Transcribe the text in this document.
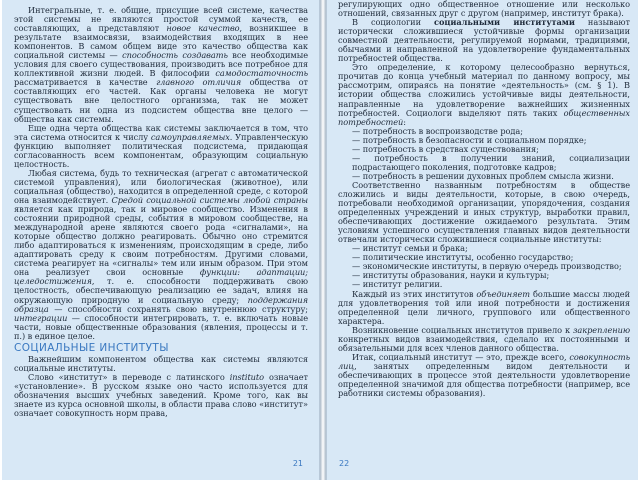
Интегральные, т. е. общие, присущие всей системе, качества этой системы не являются простой суммой качеств, ее составляющих, а представляют новое качество, возникшее в результате взаимосвязи, взаимодействия входящих в нее компонентов. В самом общем виде это качество общества как социальной системы — способность создавать все необходимые условия для своего существования, производить все потребное для коллективной жизни людей. В философии самодостаточность рассматривается в качестве главного отличия общества от составляющих его частей. Как органы человека не могут существовать вне целостного организма, так не может существовать ни одна из подсистем общества вне целого — общества как системы.

Еще одна черта общества как системы заключается в том, что эта система относится к числу самоуправляемых. Управленческую функцию выполняет политическая подсистема, придающая согласованность всем компонентам, образующим социальную целостность.

Любая система, будь то техническая (агрегат с автоматической системой управления), или биологическая (животное), или социальная (общество), находится в определенной среде, с которой она взаимодействует. Средой социальной системы любой страны является как природа, так и мировое сообщество. Изменения в состоянии природной среды, события в мировом сообществе, на международной арене являются своего рода «сигналами», на которые общество должно реагировать. Обычно оно стремится либо адаптироваться к изменениям, происходящим в среде, либо адаптировать среду к своим потребностям. Другими словами, система реагирует на «сигналы» тем или иным образом. При этом она реализует свои основные функции: адаптации; целедостижения, т. е. способности поддерживать свою целостность, обеспечивающую реализацию ее задач, влияя на окружающую природную и социальную среду; поддержания образца — способности сохранять свою внутреннюю структуру; интеграции — способности интегрировать, т. е. включать новые части, новые общественные образования (явления, процессы и т. п.) в единое целое.

СОЦИАЛЬНЫЕ ИНСТИТУТЫ

Важнейшим компонентом общества как системы являются социальные институты.

Слово «институт» в переводе с латинского instituto означает «установление». В русском языке оно часто используется для обозначения высших учебных заведений. Кроме того, как вы знаете из курса основной школы, в области права слово «институт» означает совокупность норм права,

21

регулирующих одно общественное отношение или несколько отношений, связанных друг с другом (например, институт брака).

В социологии социальными институтами называют исторически сложившиеся устойчивые формы организации совместной деятельности, регулируемой нормами, традициями, обычаями и направленной на удовлетворение фундаментальных потребностей общества.

Это определение, к которому целесообразно вернуться, прочитав до конца учебный материал по данному вопросу, мы рассмотрим, опираясь на понятие «деятельность» (см. § 1). В истории общества сложились устойчивые виды деятельности, направленные на удовлетворение важнейших жизненных потребностей. Социологи выделяют пять таких общественных потребностей:

— потребность в воспроизводстве рода;

— потребность в безопасности и социальном порядке;

— потребность в средствах существования;

— потребность в получении знаний, социализации подрастающего поколения, подготовке кадров;

— потребность в решении духовных проблем смысла жизни.

Соответственно названным потребностям в обществе сложились и виды деятельности, которые, в свою очередь, потребовали необходимой организации, упорядочения, создания определенных учреждений и иных структур, выработки правил, обеспечивающих достижение ожидаемого результата. Этим условиям успешного осуществления главных видов деятельности отвечали исторически сложившиеся социальные институты:

— институт семьи и брака;

— политические институты, особенно государство;

— экономические институты, в первую очередь производство;

— институты образования, науки и культуры;

— институт религии.

Каждый из этих институтов объединяет большие массы людей для удовлетворения той или иной потребности и достижения определенной цели личного, группового или общественного характера.

Возникновение социальных институтов привело к закреплению конкретных видов взаимодействия, сделало их постоянными и обязательными для всех членов данного общества.

Итак, социальный институт — это, прежде всего, совокупность лиц, занятых определенным видом деятельности и обеспечивающих в процессе этой деятельности удовлетворение определенной значимой для общества потребности (например, все работники системы образования).

22
